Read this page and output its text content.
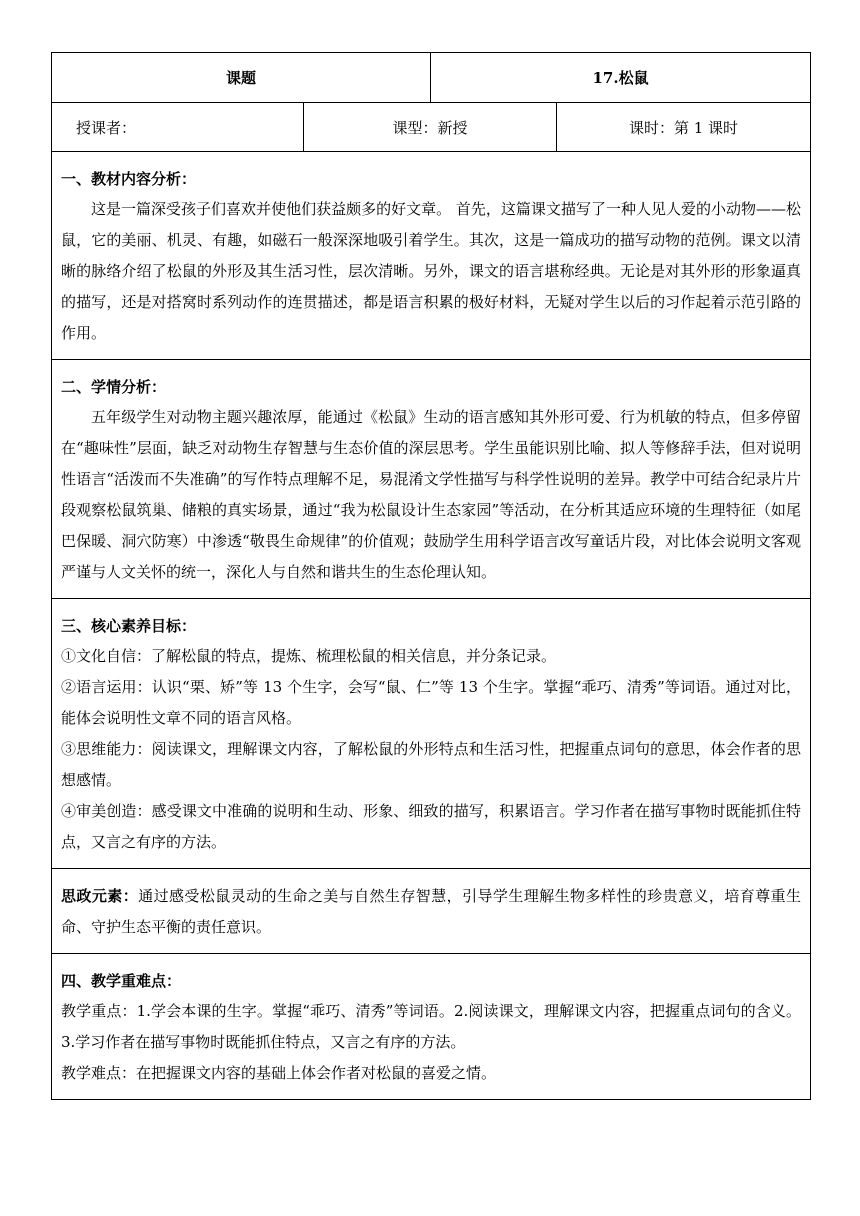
课题		17.松鼠	
授课者：	课型：新授		课时：第 1 课时

一、教材内容分析：
这是一篇深受孩子们喜欢并使他们获益颇多的好文章。 首先，这篇课文描写了一种人见人爱的小动物——松鼠，它的美丽、机灵、有趣，如磁石一般深深地吸引着学生。其次，这是一篇成功的描写动物的范例。课文以清晰的脉络介绍了松鼠的外形及其生活习性，层次清晰。另外，课文的语言堪称经典。无论是对其外形的形象逼真的描写，还是对搭窝时系列动作的连贯描述，都是语言积累的极好材料，无疑对学生以后的习作起着示范引路的作用。			

二、学情分析：
五年级学生对动物主题兴趣浓厚，能通过《松鼠》生动的语言感知其外形可爱、行为机敏的特点，但多停留在“趣味性”层面，缺乏对动物生存智慧与生态价值的深层思考。学生虽能识别比喻、拟人等修辞手法，但对说明性语言“活泼而不失准确”的写作特点理解不足，易混淆文学性描写与科学性说明的差异。教学中可结合纪录片片段观察松鼠筑巢、储粮的真实场景，通过“我为松鼠设计生态家园”等活动，在分析其适应环境的生理特征（如尾巴保暖、洞穴防寒）中渗透“敬畏生命规律”的价值观；鼓励学生用科学语言改写童话片段，对比体会说明文客观严谨与人文关怀的统一，深化人与自然和谐共生的生态伦理认知。			

三、核心素养目标：
①文化自信：了解松鼠的特点，提炼、梳理松鼠的相关信息，并分条记录。
②语言运用：认识“栗、矫”等 13 个生字，会写“鼠、仁”等 13 个生字。掌握“乖巧、清秀”等词语。通过对比，能体会说明性文章不同的语言风格。
③思维能力：阅读课文，理解课文内容，了解松鼠的外形特点和生活习性，把握重点词句的意思，体会作者的思想感情。
④审美创造：感受课文中准确的说明和生动、形象、细致的描写，积累语言。学习作者在描写事物时既能抓住特点，又言之有序的方法。			

思政元素：通过感受松鼠灵动的生命之美与自然生存智慧，引导学生理解生物多样性的珍贵意义，培育尊重生命、守护生态平衡的责任意识。			

四、教学重难点：
教学重点：1.学会本课的生字。掌握“乖巧、清秀”等词语。2.阅读课文，理解课文内容，把握重点词句的含义。3.学习作者在描写事物时既能抓住特点，又言之有序的方法。
教学难点：在把握课文内容的基础上体会作者对松鼠的喜爱之情。			
